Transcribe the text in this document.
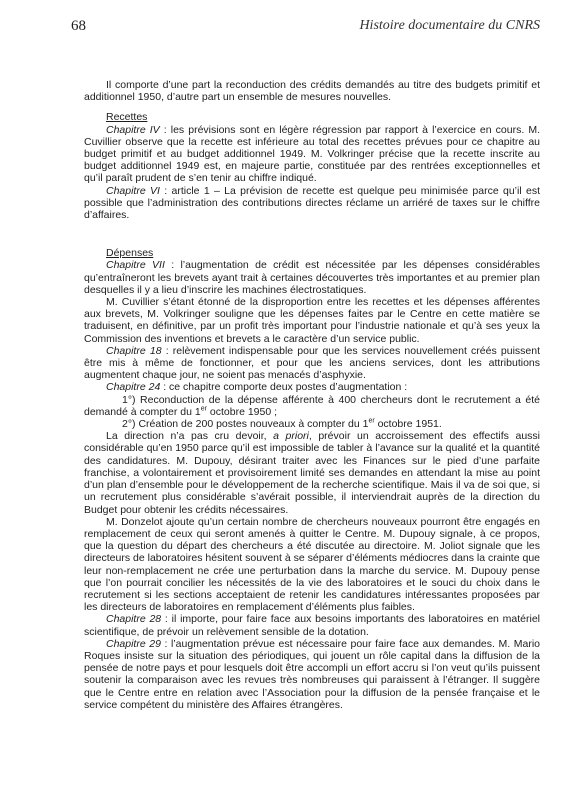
68	Histoire documentaire du CNRS

Il comporte d’une part la reconduction des crédits demandés au titre des budgets primitif et additionnel 1950, d’autre part un ensemble de mesures nouvelles.

Recettes

Chapitre IV : les prévisions sont en légère régression par rapport à l’exercice en cours. M. Cuvillier observe que la recette est inférieure au total des recettes prévues pour ce chapitre au budget primitif et au budget additionnel 1949. M. Volkringer précise que la recette inscrite au budget additionnel 1949 est, en majeure partie, constituée par des rentrées exceptionnelles et qu’il paraît prudent de s’en tenir au chiffre indiqué.

Chapitre VI : article 1 – La prévision de recette est quelque peu minimisée parce qu’il est possible que l’administration des contributions directes réclame un arriéré de taxes sur le chiffre d’affaires.

Dépenses

Chapitre VII : l’augmentation de crédit est nécessitée par les dépenses considérables qu’entraîneront les brevets ayant trait à certaines découvertes très importantes et au premier plan desquelles il y a lieu d’inscrire les machines électrostatiques.

M. Cuvillier s’étant étonné de la disproportion entre les recettes et les dépenses afférentes aux brevets, M. Volkringer souligne que les dépenses faites par le Centre en cette matière se traduisent, en définitive, par un profit très important pour l’industrie nationale et qu’à ses yeux la Commission des inventions et brevets a le caractère d’un service public.

Chapitre 18 : relèvement indispensable pour que les services nouvellement créés puissent être mis à même de fonctionner, et pour que les anciens services, dont les attributions augmentent chaque jour, ne soient pas menacés d’asphyxie.

Chapitre 24 : ce chapitre comporte deux postes d’augmentation :

1°) Reconduction de la dépense afférente à 400 chercheurs dont le recrutement a été demandé à compter du 1er octobre 1950 ;

2°) Création de 200 postes nouveaux à compter du 1er octobre 1951.

La direction n’a pas cru devoir, a priori, prévoir un accroissement des effectifs aussi considérable qu’en 1950 parce qu’il est impossible de tabler à l’avance sur la qualité et la quantité des candidatures. M. Dupouy, désirant traiter avec les Finances sur le pied d’une parfaite franchise, a volontairement et provisoirement limité ses demandes en attendant la mise au point d’un plan d’ensemble pour le développement de la recherche scientifique. Mais il va de soi que, si un recrutement plus considérable s’avérait possible, il interviendrait auprès de la direction du Budget pour obtenir les crédits nécessaires.

M. Donzelot ajoute qu’un certain nombre de chercheurs nouveaux pourront être engagés en remplacement de ceux qui seront amenés à quitter le Centre. M. Dupouy signale, à ce propos, que la question du départ des chercheurs a été discutée au directoire. M. Joliot signale que les directeurs de laboratoires hésitent souvent à se séparer d’éléments médiocres dans la crainte que leur non-remplacement ne crée une perturbation dans la marche du service. M. Dupouy pense que l’on pourrait concilier les nécessités de la vie des laboratoires et le souci du choix dans le recrutement si les sections acceptaient de retenir les candidatures intéressantes proposées par les directeurs de laboratoires en remplacement d’éléments plus faibles.

Chapitre 28 : il importe, pour faire face aux besoins importants des laboratoires en matériel scientifique, de prévoir un relèvement sensible de la dotation.

Chapitre 29 : l’augmentation prévue est nécessaire pour faire face aux demandes. M. Mario Roques insiste sur la situation des périodiques, qui jouent un rôle capital dans la diffusion de la pensée de notre pays et pour lesquels doit être accompli un effort accru si l’on veut qu’ils puissent soutenir la comparaison avec les revues très nombreuses qui paraissent à l’étranger. Il suggère que le Centre entre en relation avec l’Association pour la diffusion de la pensée française et le service compétent du ministère des Affaires étrangères.
